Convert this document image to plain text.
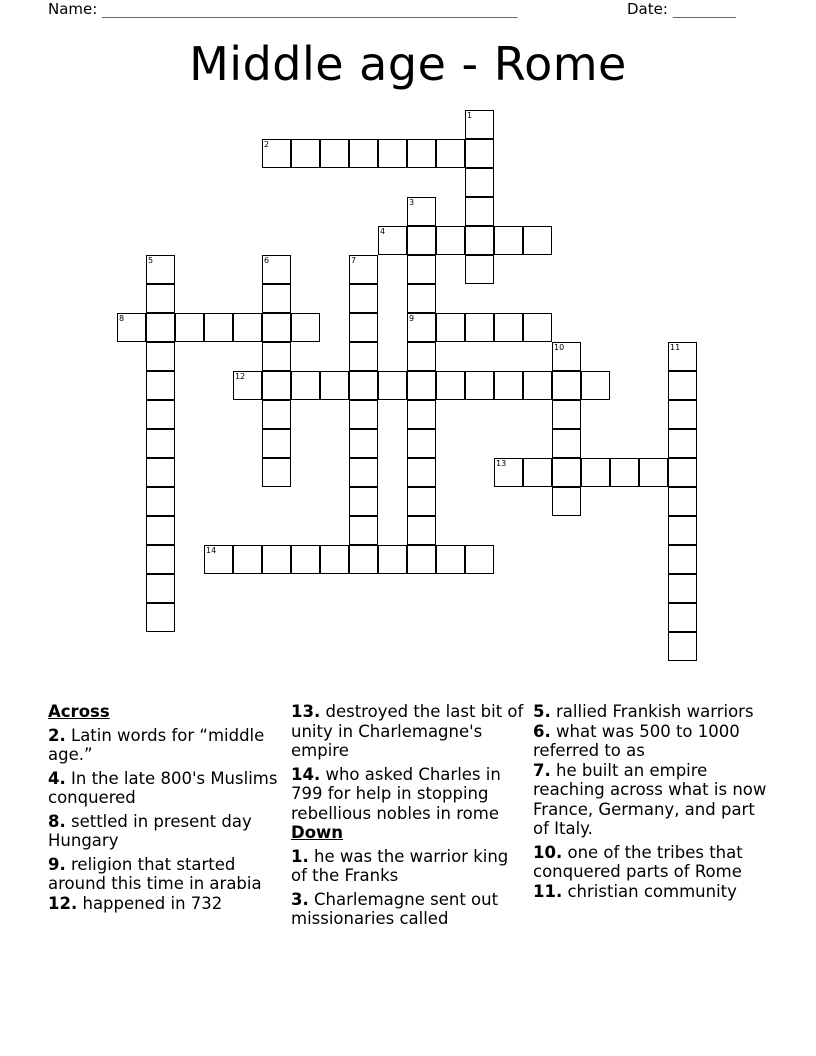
Name: ______________________________________________	Date: _______
Middle age - Rome
1
2
3
9
4
5	6	7
8
10	11
12
13
14
Across
2. Latin words for “middle age.”
4. In the late 800's Muslims conquered
8. settled in present day Hungary
9. religion that started around this time in arabia
12. happened in 732
13. destroyed the last bit of unity in Charlemagne's empire
14. who asked Charles in 799 for help in stopping rebellious nobles in rome
Down
1. he was the warrior king of the Franks
3. Charlemagne sent out missionaries called
5. rallied Frankish warriors
6. what was 500 to 1000 referred to as
7. he built an empire reaching across what is now France, Germany, and part of Italy.
10. one of the tribes that conquered parts of Rome
11. christian community
